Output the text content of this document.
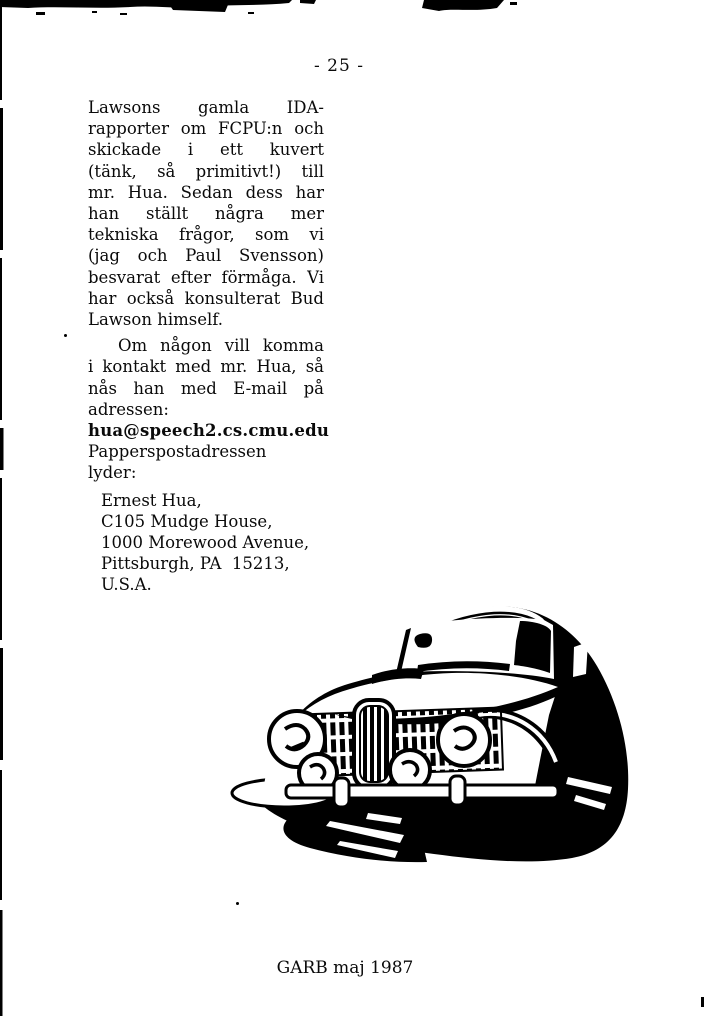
- 25 -
Lawsons gamla IDA-
rapporter om FCPU:n och
skickade i ett kuvert
(tänk, så primitivt!) till
mr. Hua. Sedan dess har
han ställt några mer
tekniska frågor, som vi
(jag och Paul Svensson)
besvarat efter förmåga. Vi
har också konsulterat Bud
Lawson himself.
Om någon vill komma
i kontakt med mr. Hua, så
nås han med E-mail på
adressen:
hua@speech2.cs.cmu.edu
Papperspostadressen
lyder:
Ernest Hua,
C105 Mudge House,
1000 Morewood Avenue,
Pittsburgh, PA  15213,
U.S.A.
GARB maj 1987
